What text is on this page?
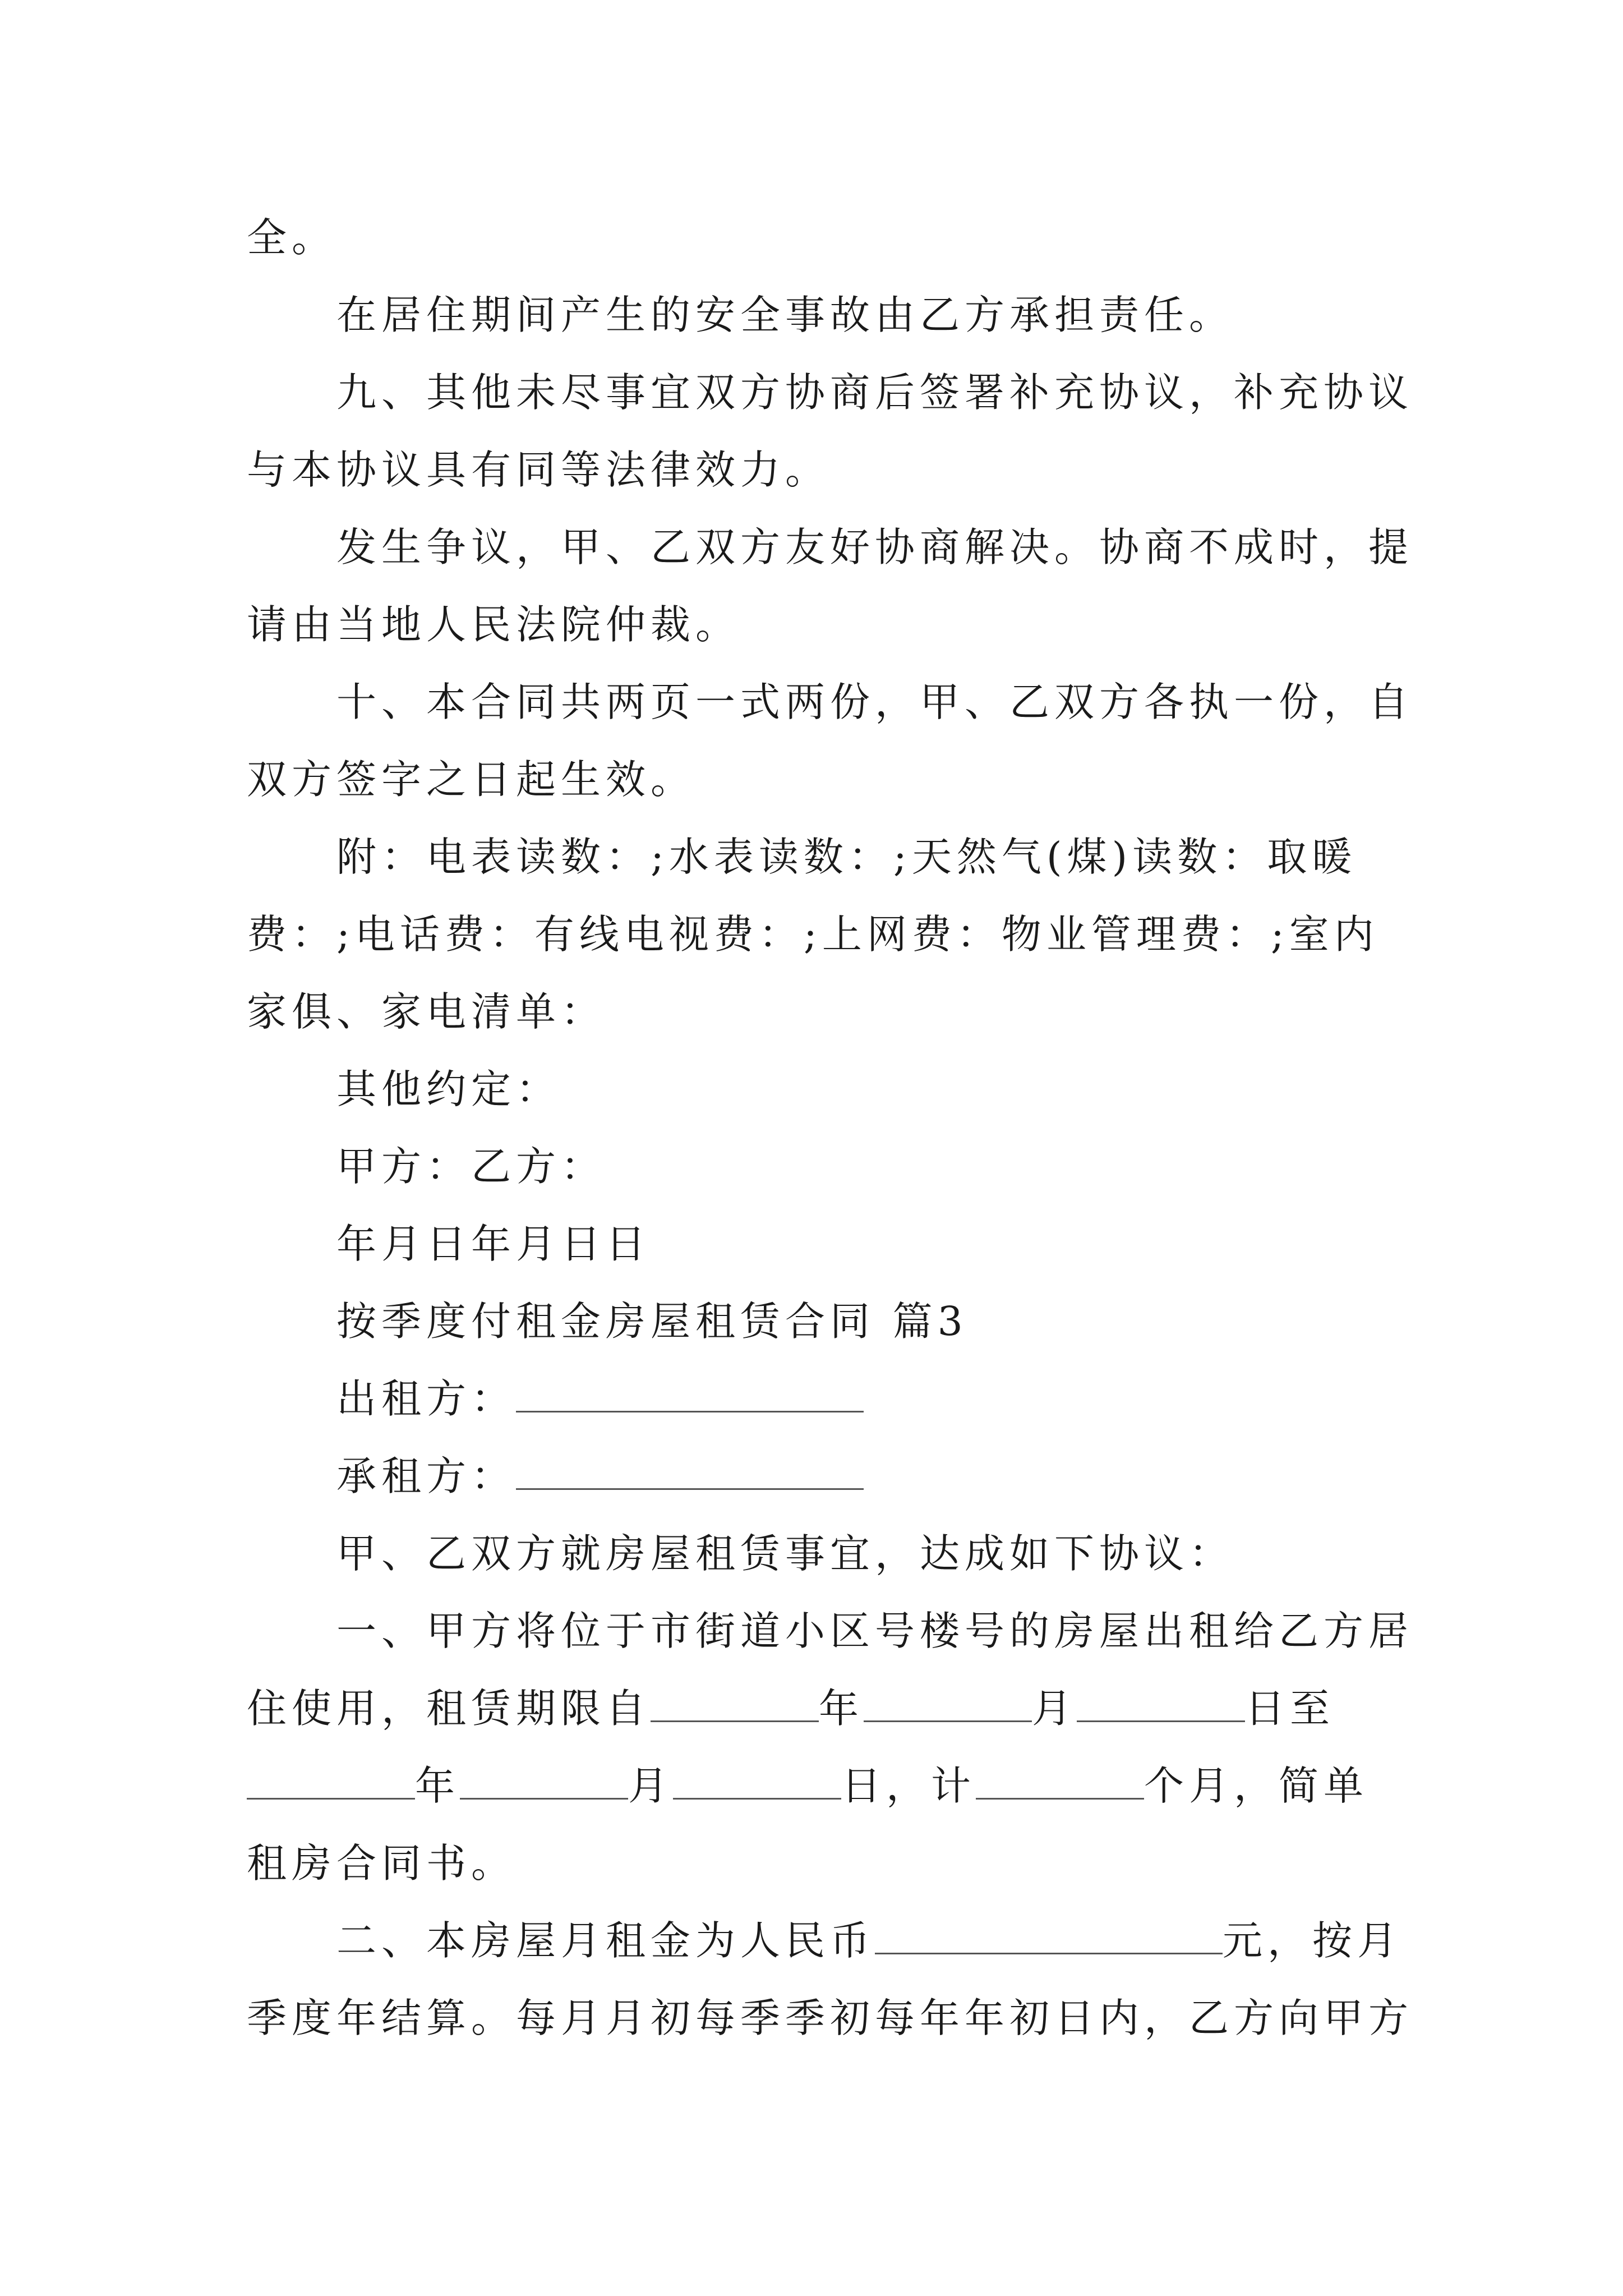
全。

在居住期间产生的安全事故由乙方承担责任。

九、其他未尽事宜双方协商后签署补充协议，补充协议

与本协议具有同等法律效力。

发生争议，甲、乙双方友好协商解决。协商不成时，提

请由当地人民法院仲裁。

十、本合同共两页一式两份，甲、乙双方各执一份，自

双方签字之日起生效。

附：电表读数：;水表读数：;天然气(煤)读数：取暖

费：;电话费：有线电视费：;上网费：物业管理费：;室内

家俱、家电清单：

其他约定：

甲方：乙方：

年月日年月日日

按季度付租金房屋租赁合同 篇3

出租方：

承租方：

甲、乙双方就房屋租赁事宜，达成如下协议：

一、甲方将位于市街道小区号楼号的房屋出租给乙方居

住使用，租赁期限自	年	月	日至

年	月	日，计	个月，简单

租房合同书。

二、本房屋月租金为人民币	元，按月

季度年结算。每月月初每季季初每年年初日内，乙方向甲方
